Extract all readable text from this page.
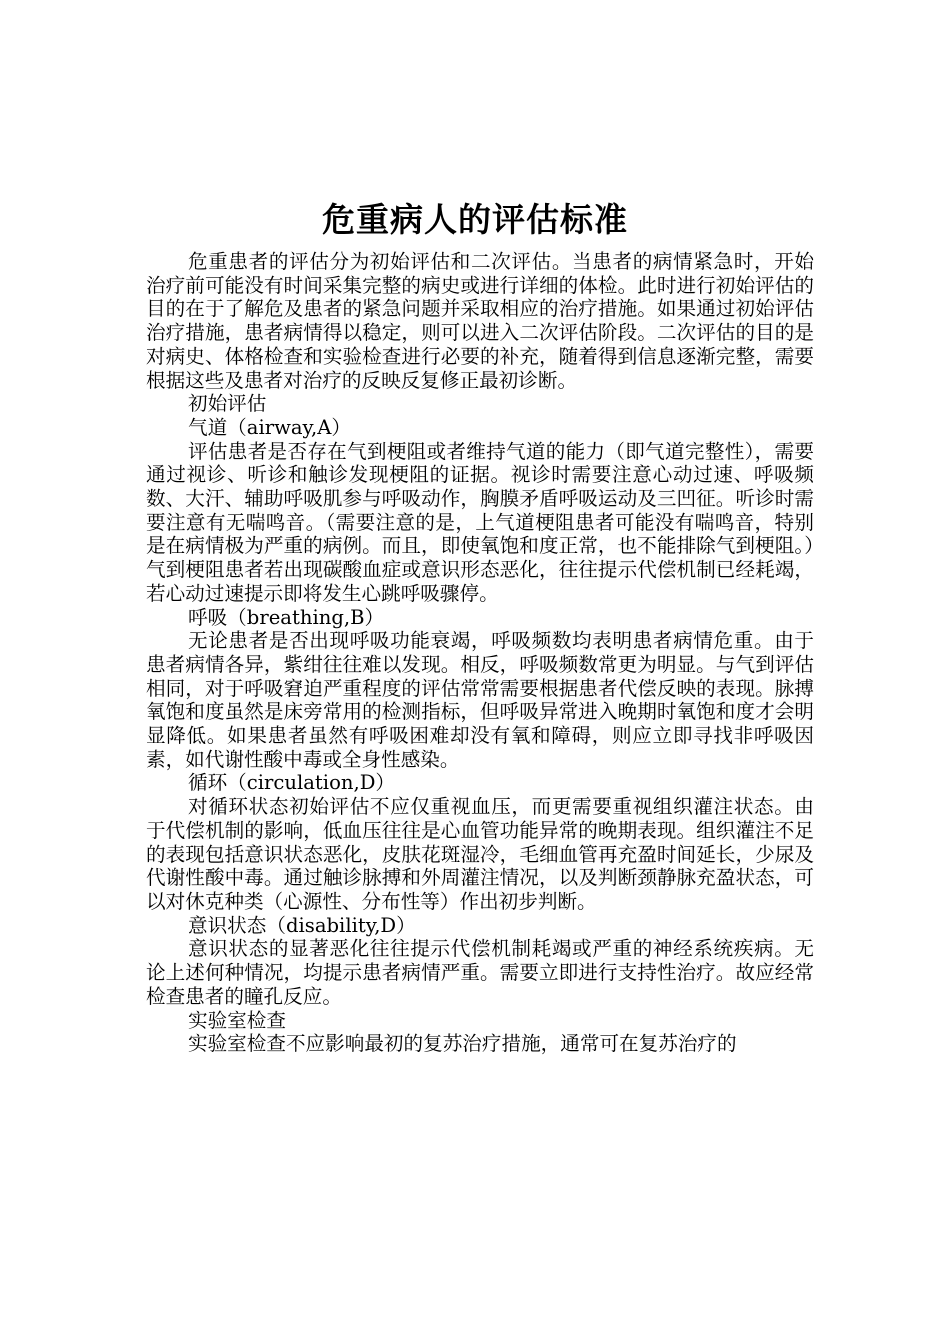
危重病人的评估标准

危重患者的评估分为初始评估和二次评估。当患者的病情紧急时，开始治疗前可能没有时间采集完整的病史或进行详细的体检。此时进行初始评估的目的在于了解危及患者的紧急问题并采取相应的治疗措施。如果通过初始评估治疗措施，患者病情得以稳定，则可以进入二次评估阶段。二次评估的目的是对病史、体格检查和实验检查进行必要的补充，随着得到信息逐渐完整，需要根据这些及患者对治疗的反映反复修正最初诊断。

初始评估

气道（airway,A）

评估患者是否存在气到梗阻或者维持气道的能力（即气道完整性），需要通过视诊、听诊和触诊发现梗阻的证据。视诊时需要注意心动过速、呼吸频数、大汗、辅助呼吸肌参与呼吸动作，胸膜矛盾呼吸运动及三凹征。听诊时需要注意有无喘鸣音。（需要注意的是，上气道梗阻患者可能没有喘鸣音，特别是在病情极为严重的病例。而且，即使氧饱和度正常，也不能排除气到梗阻。）气到梗阻患者若出现碳酸血症或意识形态恶化，往往提示代偿机制已经耗竭，若心动过速提示即将发生心跳呼吸骤停。

呼吸（breathing,B）

无论患者是否出现呼吸功能衰竭，呼吸频数均表明患者病情危重。由于患者病情各异，紫绀往往难以发现。相反，呼吸频数常更为明显。与气到评估相同，对于呼吸窘迫严重程度的评估常常需要根据患者代偿反映的表现。脉搏氧饱和度虽然是床旁常用的检测指标，但呼吸异常进入晚期时氧饱和度才会明显降低。如果患者虽然有呼吸困难却没有氧和障碍，则应立即寻找非呼吸因素，如代谢性酸中毒或全身性感染。

循环（circulation,D）

对循环状态初始评估不应仅重视血压，而更需要重视组织灌注状态。由于代偿机制的影响，低血压往往是心血管功能异常的晚期表现。组织灌注不足的表现包括意识状态恶化，皮肤花斑湿冷，毛细血管再充盈时间延长，少尿及代谢性酸中毒。通过触诊脉搏和外周灌注情况，以及判断颈静脉充盈状态，可以对休克种类（心源性、分布性等）作出初步判断。

意识状态（disability,D）

意识状态的显著恶化往往提示代偿机制耗竭或严重的神经系统疾病。无论上述何种情况，均提示患者病情严重。需要立即进行支持性治疗。故应经常检查患者的瞳孔反应。

实验室检查

实验室检查不应影响最初的复苏治疗措施，通常可在复苏治疗的
